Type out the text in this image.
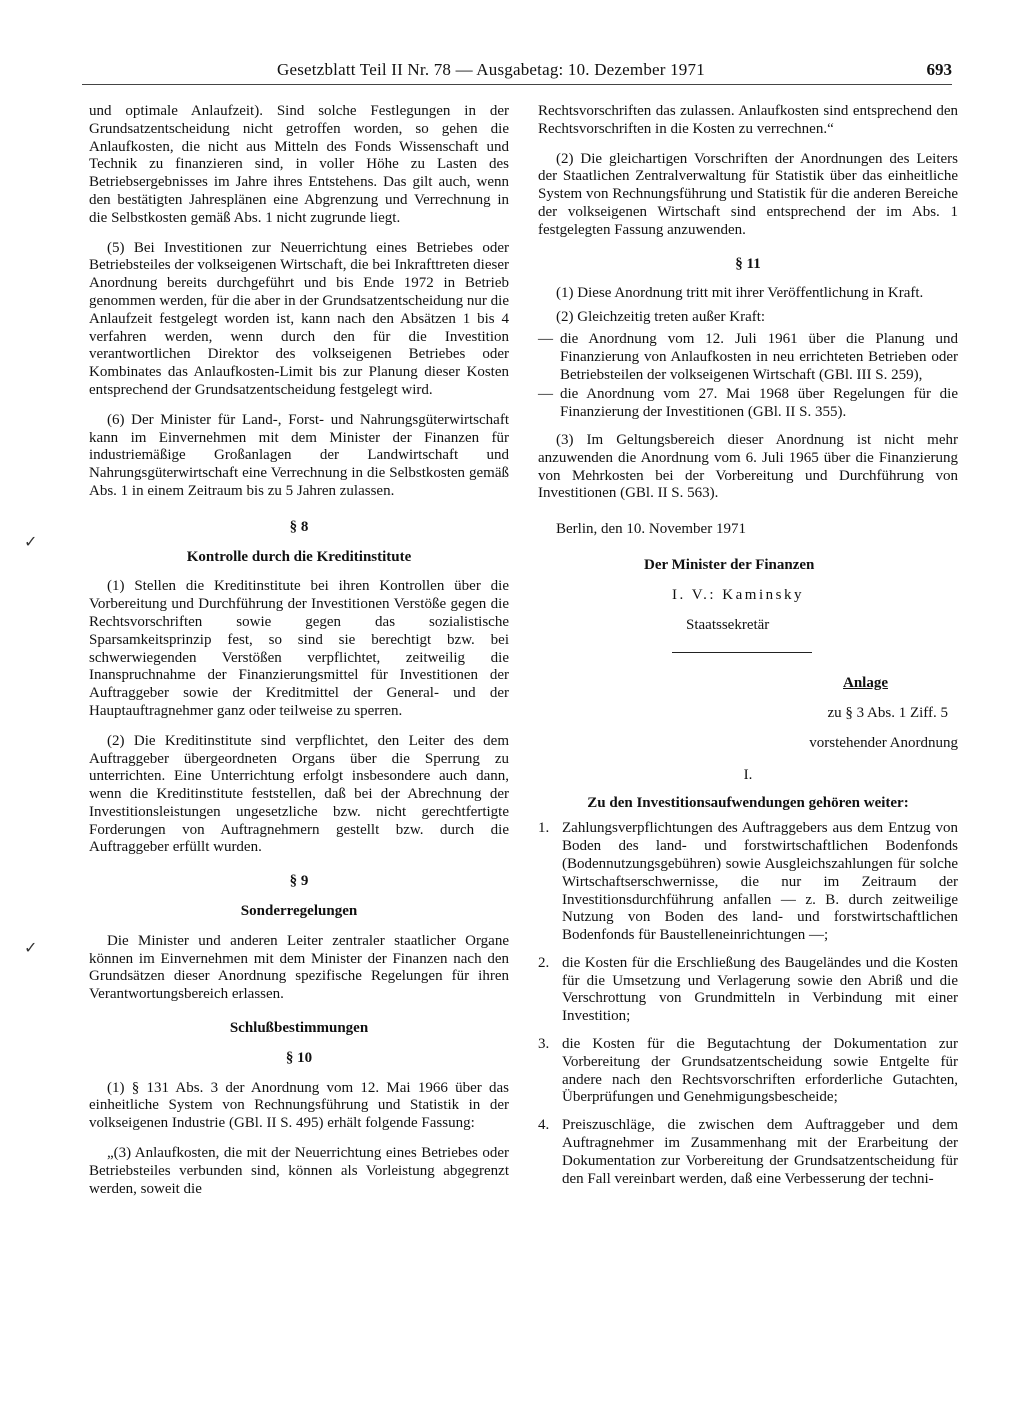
Gesetzblatt Teil II Nr. 78 — Ausgabetag: 10. Dezember 1971	693
✓
✓

und optimale Anlaufzeit). Sind solche Festlegungen in der Grundsatzentscheidung nicht getroffen worden, so gehen die Anlaufkosten, die nicht aus Mitteln des Fonds Wissenschaft und Technik zu finanzieren sind, in voller Höhe zu Lasten des Betriebsergebnisses im Jahre ihres Entstehens. Das gilt auch, wenn den bestätigten Jahresplänen eine Abgrenzung und Verrechnung in die Selbstkosten gemäß Abs. 1 nicht zugrunde liegt.

(5) Bei Investitionen zur Neuerrichtung eines Betriebes oder Betriebsteiles der volkseigenen Wirtschaft, die bei Inkrafttreten dieser Anordnung bereits durchgeführt und bis Ende 1972 in Betrieb genommen werden, für die aber in der Grundsatzentscheidung nur die Anlaufzeit festgelegt worden ist, kann nach den Absätzen 1 bis 4 verfahren werden, wenn durch den für die Investition verantwortlichen Direktor des volkseigenen Betriebes oder Kombinates das Anlaufkosten-Limit bis zur Planung dieser Kosten entsprechend der Grundsatzentscheidung festgelegt wird.

(6) Der Minister für Land-, Forst- und Nahrungsgüterwirtschaft kann im Einvernehmen mit dem Minister der Finanzen für industriemäßige Großanlagen der Landwirtschaft und Nahrungsgüterwirtschaft eine Verrechnung in die Selbstkosten gemäß Abs. 1 in einem Zeitraum bis zu 5 Jahren zulassen.

§ 8

Kontrolle durch die Kreditinstitute

(1) Stellen die Kreditinstitute bei ihren Kontrollen über die Vorbereitung und Durchführung der Investitionen Verstöße gegen die Rechtsvorschriften sowie gegen das sozialistische Sparsamkeitsprinzip fest, so sind sie berechtigt bzw. bei schwerwiegenden Verstößen verpflichtet, zeitweilig die Inanspruchnahme der Finanzierungsmittel für Investitionen der Auftraggeber sowie der Kreditmittel der General- und der Hauptauftragnehmer ganz oder teilweise zu sperren.

(2) Die Kreditinstitute sind verpflichtet, den Leiter des dem Auftraggeber übergeordneten Organs über die Sperrung zu unterrichten. Eine Unterrichtung erfolgt insbesondere auch dann, wenn die Kreditinstitute feststellen, daß bei der Abrechnung der Investitionsleistungen ungesetzliche bzw. nicht gerechtfertigte Forderungen von Auftragnehmern gestellt bzw. durch die Auftraggeber erfüllt wurden.

§ 9

Sonderregelungen

Die Minister und anderen Leiter zentraler staatlicher Organe können im Einvernehmen mit dem Minister der Finanzen nach den Grundsätzen dieser Anordnung spezifische Regelungen für ihren Verantwortungsbereich erlassen.

Schlußbestimmungen

§ 10

(1) § 131 Abs. 3 der Anordnung vom 12. Mai 1966 über das einheitliche System von Rechnungsführung und Statistik in der volkseigenen Industrie (GBl. II S. 495) erhält folgende Fassung:

„(3) Anlaufkosten, die mit der Neuerrichtung eines Betriebes oder Betriebsteiles verbunden sind, können als Vorleistung abgegrenzt werden, soweit die

Rechtsvorschriften das zulassen. Anlaufkosten sind entsprechend den Rechtsvorschriften in die Kosten zu verrechnen.“

(2) Die gleichartigen Vorschriften der Anordnungen des Leiters der Staatlichen Zentralverwaltung für Statistik über das einheitliche System von Rechnungsführung und Statistik für die anderen Bereiche der volkseigenen Wirtschaft sind entsprechend der im Abs. 1 festgelegten Fassung anzuwenden.

§ 11

(1) Diese Anordnung tritt mit ihrer Veröffentlichung in Kraft.

(2) Gleichzeitig treten außer Kraft:

— die Anordnung vom 12. Juli 1961 über die Planung und Finanzierung von Anlaufkosten in neu errichteten Betrieben oder Betriebsteilen der volkseigenen Wirtschaft (GBl. III S. 259),
— die Anordnung vom 27. Mai 1968 über Regelungen für die Finanzierung der Investitionen (GBl. II S. 355).

(3) Im Geltungsbereich dieser Anordnung ist nicht mehr anzuwenden die Anordnung vom 6. Juli 1965 über die Finanzierung von Mehrkosten bei der Vorbereitung und Durchführung von Investitionen (GBl. II S. 563).

Berlin, den 10. November 1971

Der Minister der Finanzen

I. V.: Kaminsky

Staatssekretär

Anlage

zu § 3 Abs. 1 Ziff. 5

vorstehender Anordnung

I.

Zu den Investitionsaufwendungen gehören weiter:

1. Zahlungsverpflichtungen des Auftraggebers aus dem Entzug von Boden des land- und forstwirtschaftlichen Bodenfonds (Bodennutzungsgebühren) sowie Ausgleichszahlungen für solche Wirtschaftserschwernisse, die nur im Zeitraum der Investitionsdurchführung anfallen — z. B. durch zeitweilige Nutzung von Boden des land- und forstwirtschaftlichen Bodenfonds für Baustelleneinrichtungen —;
2. die Kosten für die Erschließung des Baugeländes und die Kosten für die Umsetzung und Verlagerung sowie den Abriß und die Verschrottung von Grundmitteln in Verbindung mit einer Investition;
3. die Kosten für die Begutachtung der Dokumentation zur Vorbereitung der Grundsatzentscheidung sowie Entgelte für andere nach den Rechtsvorschriften erforderliche Gutachten, Überprüfungen und Genehmigungsbescheide;
4. Preiszuschläge, die zwischen dem Auftraggeber und dem Auftragnehmer im Zusammenhang mit der Erarbeitung der Dokumentation zur Vorbereitung der Grundsatzentscheidung für den Fall vereinbart werden, daß eine Verbesserung der techni-
